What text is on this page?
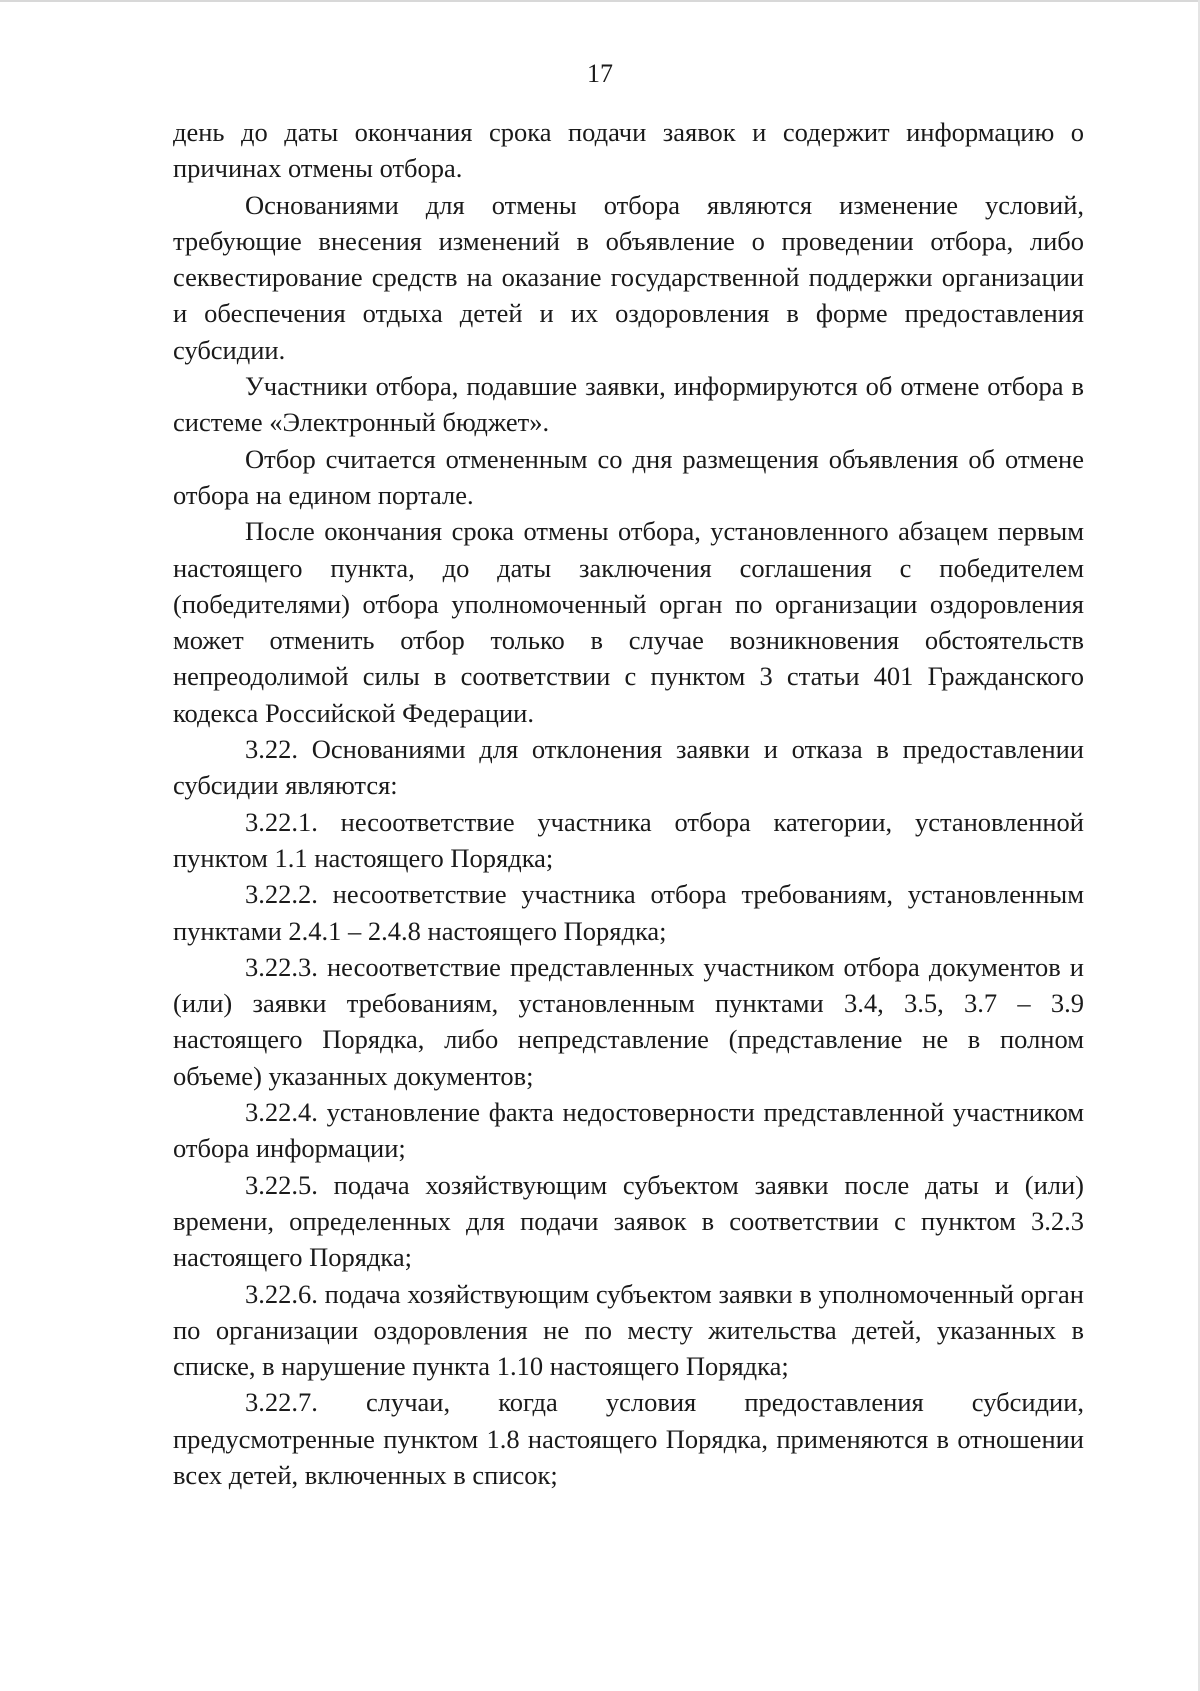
17

день до даты окончания срока подачи заявок и содержит информацию о причинах отмены отбора.

Основаниями для отмены отбора являются изменение условий, требующие внесения изменений в объявление о проведении отбора, либо секвестирование средств на оказание государственной поддержки организации и обеспечения отдыха детей и их оздоровления в форме предоставления субсидии.

Участники отбора, подавшие заявки, информируются об отмене отбора в системе «Электронный бюджет».

Отбор считается отмененным со дня размещения объявления об отмене отбора на едином портале.

После окончания срока отмены отбора, установленного абзацем первым настоящего пункта, до даты заключения соглашения с победителем (победителями) отбора уполномоченный орган по организации оздоровления может отменить отбор только в случае возникновения обстоятельств непреодолимой силы в соответствии с пунктом 3 статьи 401 Гражданского кодекса Российской Федерации.

3.22. Основаниями для отклонения заявки и отказа в предоставлении субсидии являются:

3.22.1. несоответствие участника отбора категории, установленной пунктом 1.1 настоящего Порядка;

3.22.2. несоответствие участника отбора требованиям, установленным пунктами 2.4.1 – 2.4.8 настоящего Порядка;

3.22.3. несоответствие представленных участником отбора документов и (или) заявки требованиям, установленным пунктами 3.4, 3.5, 3.7 – 3.9 настоящего Порядка, либо непредставление (представление не в полном объеме) указанных документов;

3.22.4. установление факта недостоверности представленной участником отбора информации;

3.22.5. подача хозяйствующим субъектом заявки после даты и (или) времени, определенных для подачи заявок в соответствии с пунктом 3.2.3 настоящего Порядка;

3.22.6. подача хозяйствующим субъектом заявки в уполномоченный орган по организации оздоровления не по месту жительства детей, указанных в списке, в нарушение пункта 1.10 настоящего Порядка;

3.22.7. случаи, когда условия предоставления субсидии, предусмотренные пунктом 1.8 настоящего Порядка, применяются в отношении всех детей, включенных в список;
